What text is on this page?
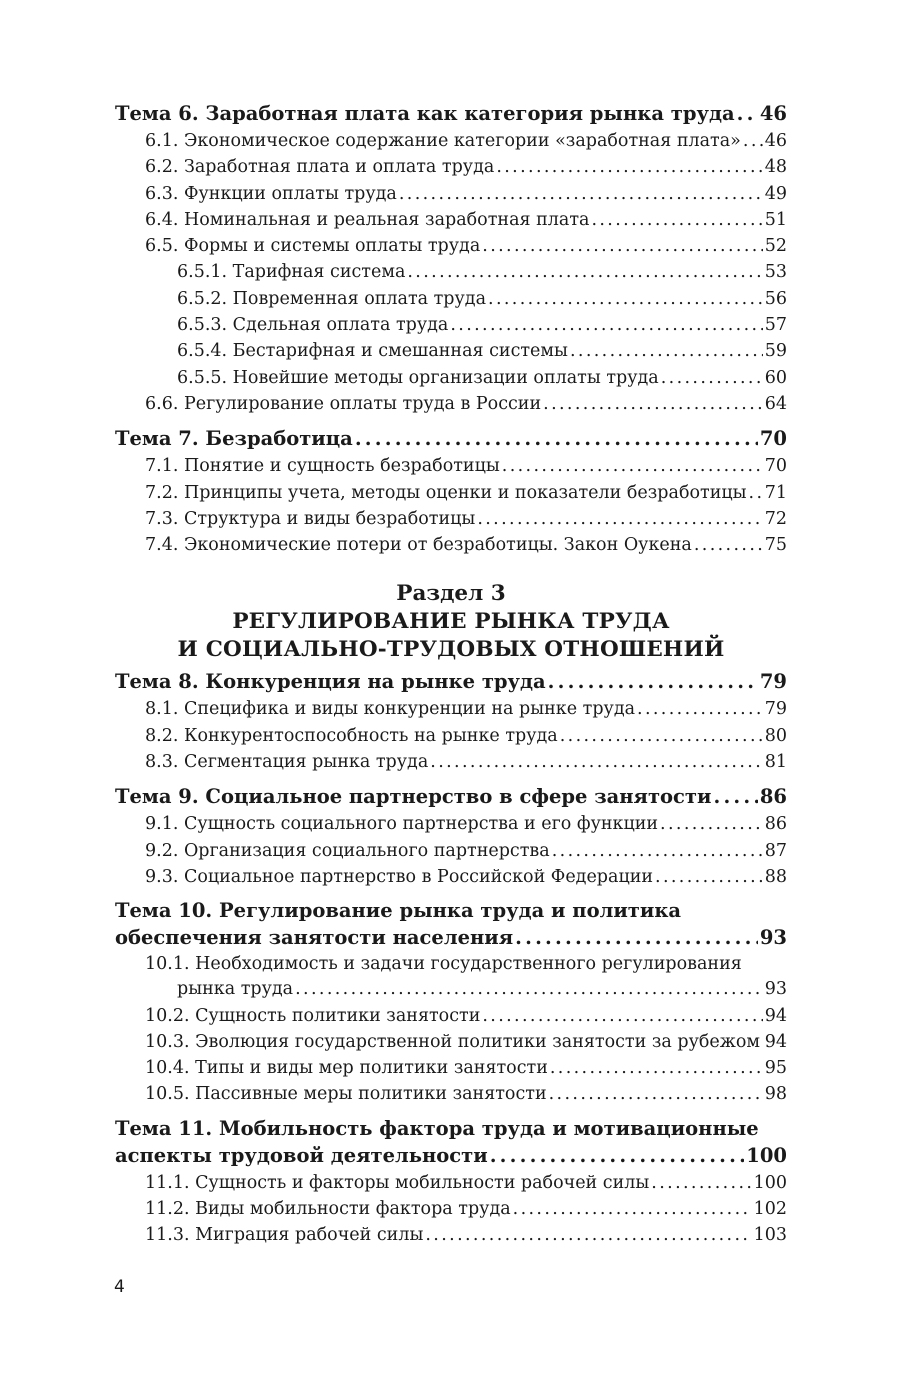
Тема 6. Заработная плата как категория рынка труда . . . 46
6.1. Экономическое содержание категории «заработная плата» . . . 46
6.2. Заработная плата и оплата труда . . .	48
6.3. Функции оплаты труда . . .	49
6.4. Номинальная и реальная заработная плата . . .	51
6.5. Формы и системы оплаты труда . . .	52
6.5.1. Тарифная система . . .	53
6.5.2. Повременная оплата труда . . .	56
6.5.3. Сдельная оплата труда . . .	57
6.5.4. Бестарифная и смешанная системы . . .	59
6.5.5. Новейшие методы организации оплаты труда . . .	60
6.6. Регулирование оплаты труда в России . . .	64
Тема 7. Безработица . . .	70
7.1. Понятие и сущность безработицы . . .	70
7.2. Принципы учета, методы оценки и показатели безработицы . . . 71
7.3. Структура и виды безработицы . . .	72
7.4. Экономические потери от безработицы. Закон Оукена . . .	75
Раздел 3
РЕГУЛИРОВАНИЕ РЫНКА ТРУДА
И СОЦИАЛЬНО-ТРУДОВЫХ ОТНОШЕНИЙ
Тема 8. Конкуренция на рынке труда . . .	79
8.1. Специфика и виды конкуренции на рынке труда . . .	79
8.2. Конкурентоспособность на рынке труда . . .	80
8.3. Сегментация рынка труда . . .	81
Тема 9. Социальное партнерство в сфере занятости . . . 86
9.1. Сущность социального партнерства и его функции . . .	86
9.2. Организация социального партнерства . . .	87
9.3. Социальное партнерство в Российской Федерации . . .	88
Тема 10. Регулирование рынка труда и политика
обеспечения занятости населения . . .	93
10.1. Необходимость и задачи государственного регулирования
рынка труда . . .	93
10.2. Сущность политики занятости . . .	94
10.3. Эволюция государственной политики занятости за рубежом . . . 94
10.4. Типы и виды мер политики занятости . . .	95
10.5. Пассивные меры политики занятости . . .	98
Тема 11. Мобильность фактора труда и мотивационные
аспекты трудовой деятельности . . .	100
11.1. Сущность и факторы мобильности рабочей силы . . .	100
11.2. Виды мобильности фактора труда . . .	102
11.3. Миграция рабочей силы . . .	103
4
